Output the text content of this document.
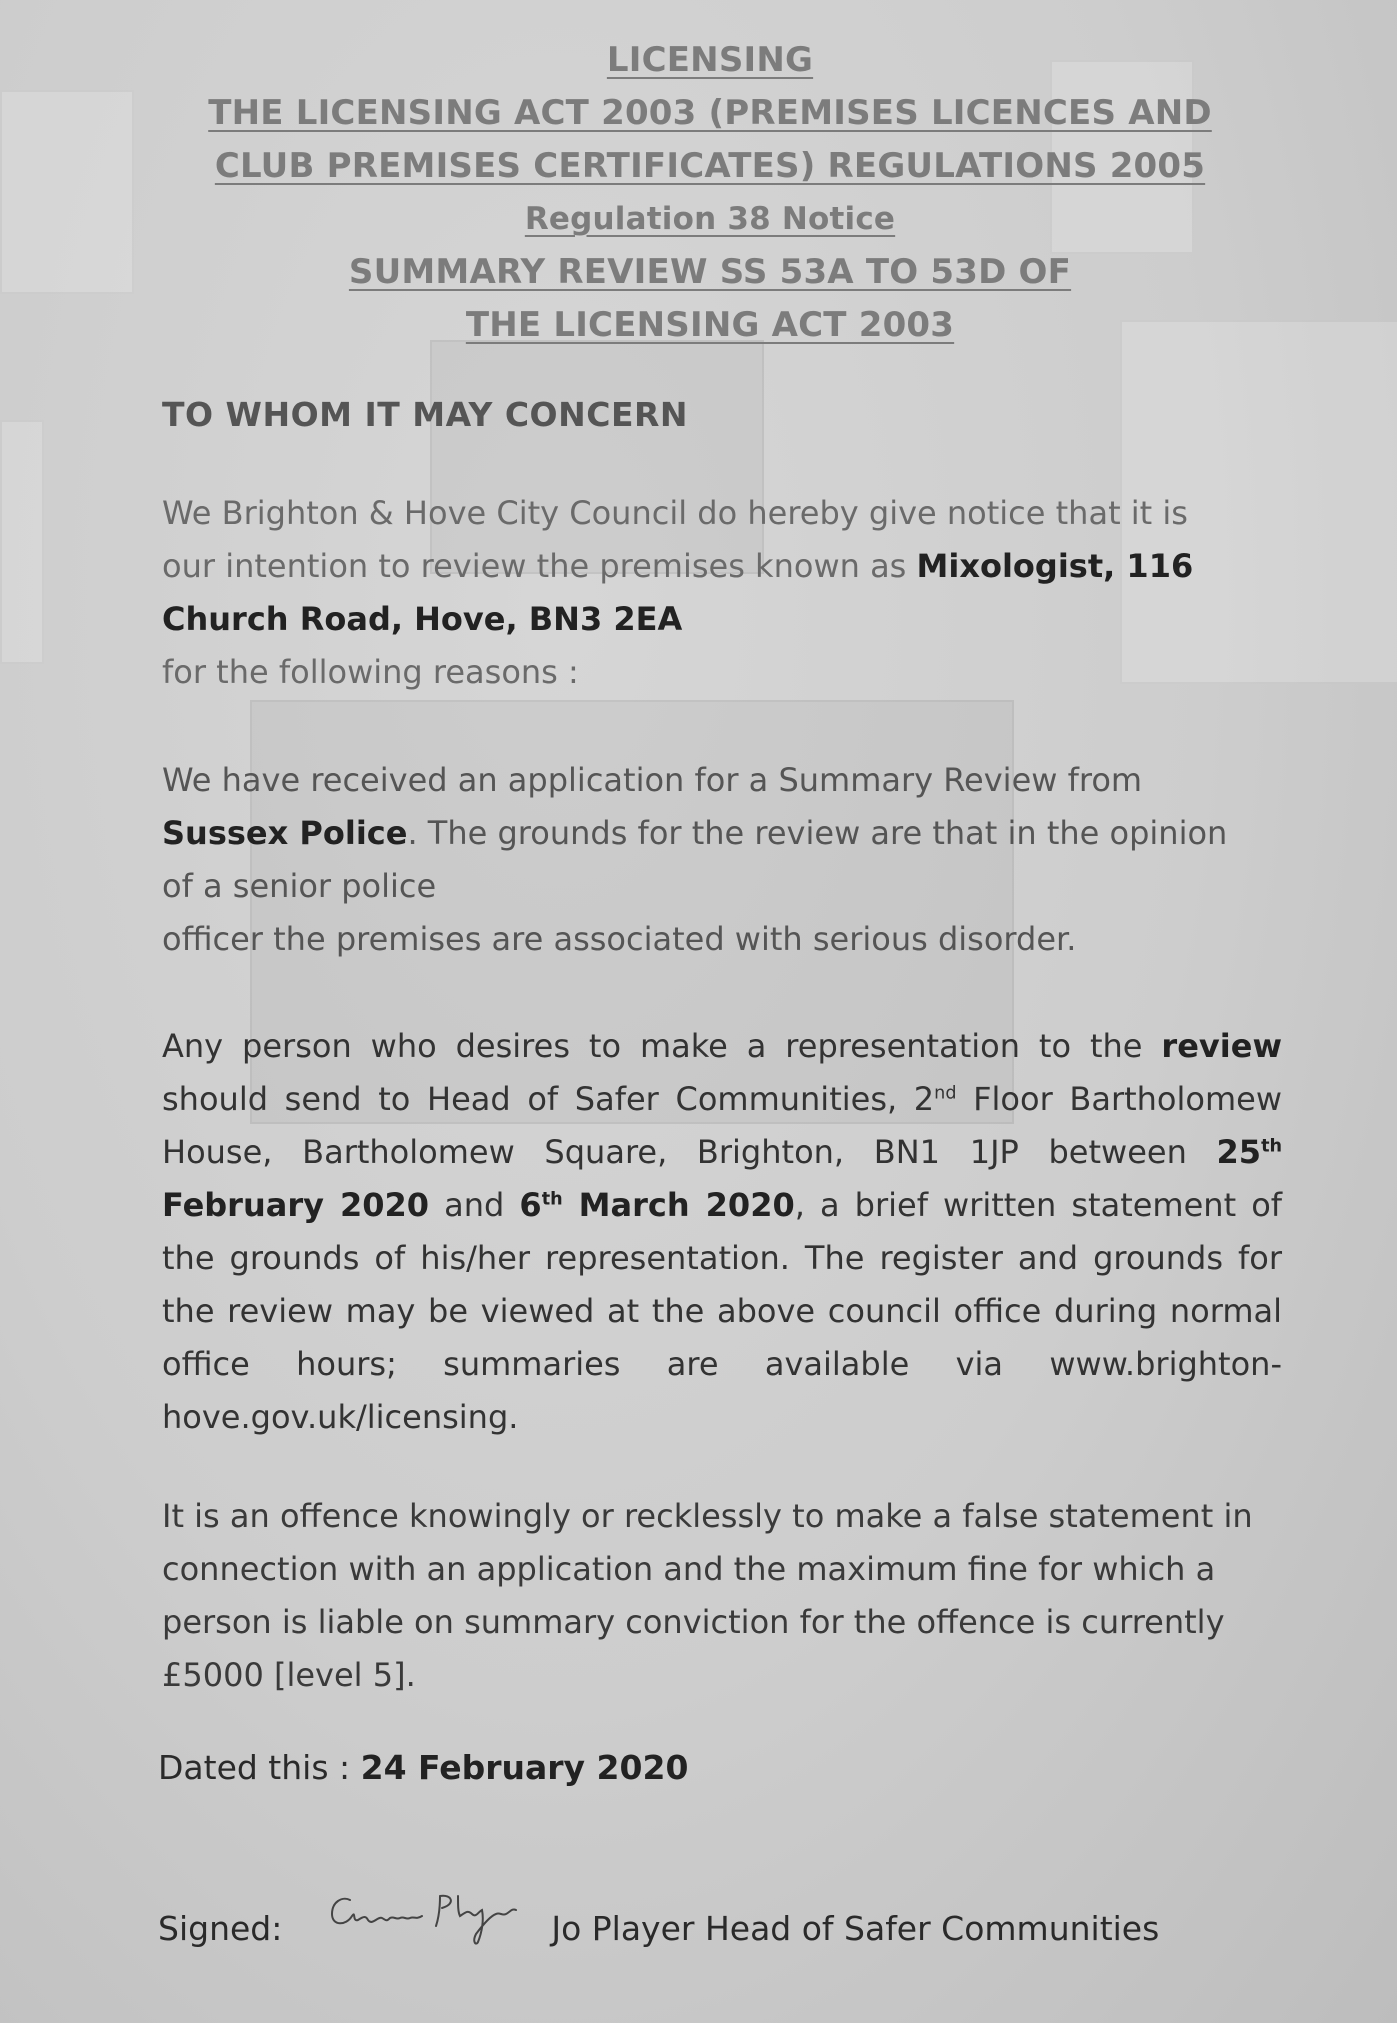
LICENSING
THE LICENSING ACT 2003 (PREMISES LICENCES AND
CLUB PREMISES CERTIFICATES) REGULATIONS 2005
Regulation 38 Notice
SUMMARY REVIEW SS 53A TO 53D OF
THE LICENSING ACT 2003
TO WHOM IT MAY CONCERN
We Brighton & Hove City Council do hereby give notice that it is
our intention to review the premises known as Mixologist, 116
Church Road, Hove, BN3 2EA
for the following reasons :
We have received an application for a Summary Review from
Sussex Police. The grounds for the review are that in the opinion
of a senior police
officer the premises are associated with serious disorder.
Any person who desires to make a representation to the review should send to Head of Safer Communities, 2nd Floor Bartholomew House, Bartholomew Square, Brighton, BN1 1JP between 25th February 2020 and 6th March 2020, a brief written statement of the grounds of his/her representation. The register and grounds for the review may be viewed at the above council office during normal office hours; summaries are available via www.brighton-hove.gov.uk/licensing.
It is an offence knowingly or recklessly to make a false statement in
connection with an application and the maximum fine for which a
person is liable on summary conviction for the offence is currently
£5000 [level 5].
Dated this : 24 February 2020
Signed:	Jo Player Head of Safer Communities
